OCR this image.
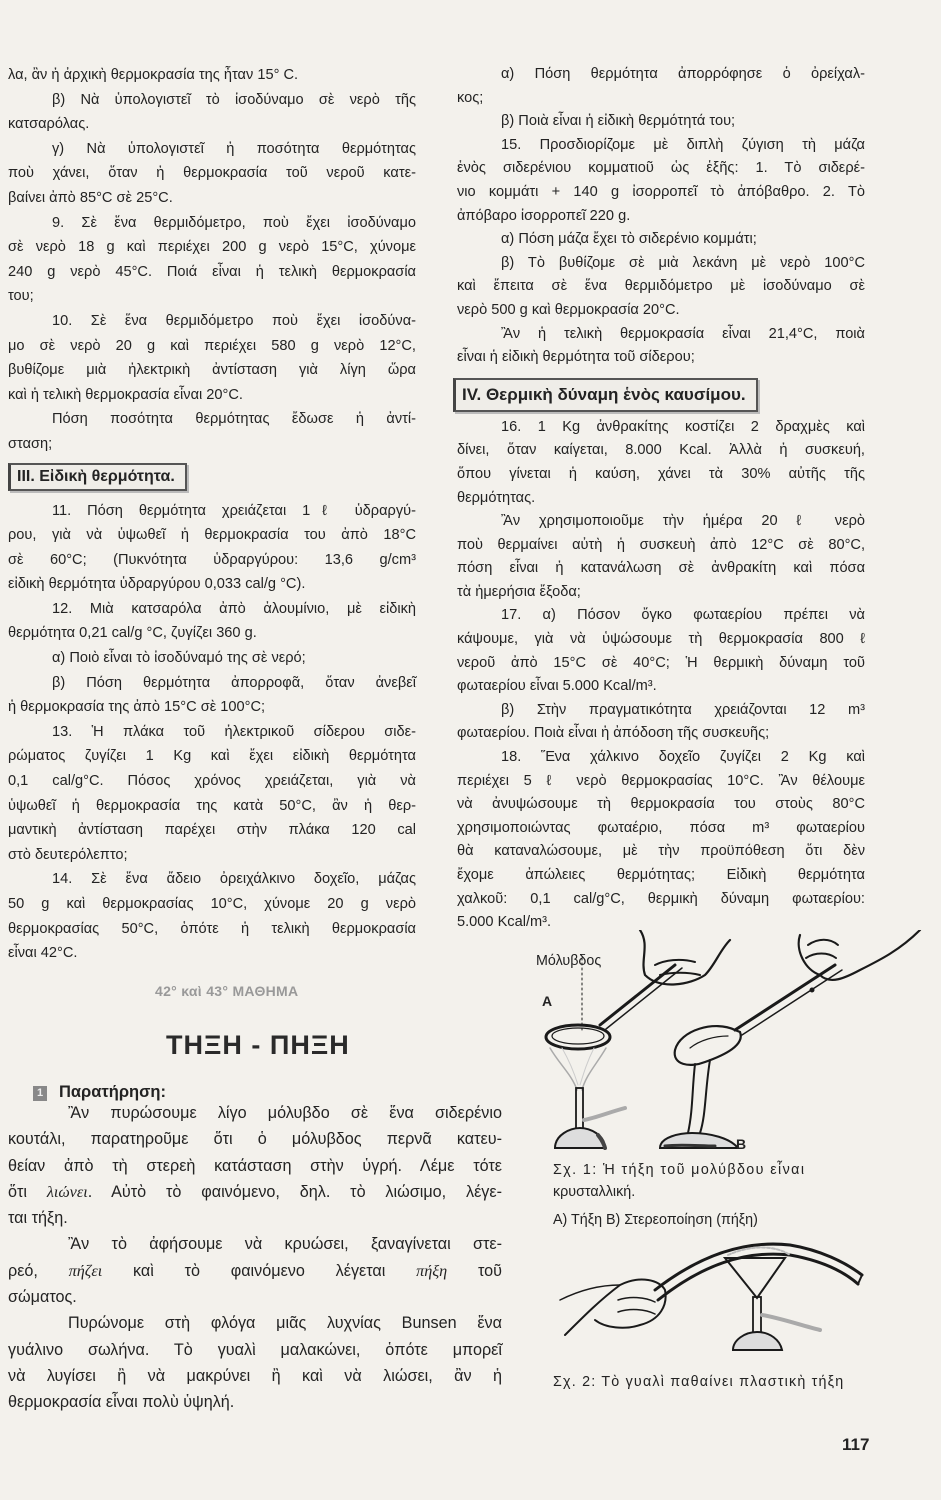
λα, ἂν ἡ ἀρχικὴ θερμοκρασία της ἦταν 15° C.
β) Νὰ ὑπολογιστεῖ τὸ ἰσοδύναμο σὲ νερὸ τῆς
κατσαρόλας.
γ) Νὰ ὑπολογιστεῖ ἡ ποσότητα θερμότητας
ποὺ χάνει, ὅταν ἡ θερμοκρασία τοῦ νεροῦ κατε-
βαίνει ἀπὸ 85°C σὲ 25°C.
9. Σὲ ἕνα θερμιδόμετρο, ποὺ ἔχει ἰσοδύναμο
σὲ νερὸ 18 g καὶ περιέχει 200 g νερὸ 15°C, χύνομε
240 g νερὸ 45°C. Ποιά εἶναι ἡ τελικὴ θερμοκρασία
του;
10. Σὲ ἕνα θερμιδόμετρο ποὺ ἔχει ἰσοδύνα-
μο σὲ νερὸ 20 g καὶ περιέχει 580 g νερὸ 12°C,
βυθίζομε μιὰ ἠλεκτρικὴ ἀντίσταση γιὰ λίγη ὥρα
καὶ ἡ τελικὴ θερμοκρασία εἶναι 20°C.
Πόση ποσότητα θερμότητας ἔδωσε ἡ ἀντί-
σταση;
III. Εἰδικὴ θερμότητα.
11. Πόση θερμότητα χρειάζεται 1ℓ ὑδραργύ-
ρου, γιὰ νὰ ὑψωθεῖ ἡ θερμοκρασία του ἀπὸ 18°C
σὲ 60°C; (Πυκνότητα ὑδραργύρου: 13,6 g/cm³
εἰδικὴ θερμότητα ὑδραργύρου 0,033 cal/g °C).
12. Μιὰ κατσαρόλα ἀπὸ ἀλουμίνιο, μὲ εἰδικὴ
θερμότητα 0,21 cal/g °C, ζυγίζει 360 g.
α) Ποιὸ εἶναι τὸ ἰσοδύναμό της σὲ νερό;
β) Πόση θερμότητα ἀπορροφᾶ, ὅταν ἀνεβεῖ
ἡ θερμοκρασία της ἀπὸ 15°C σὲ 100°C;
13. Ἡ πλάκα τοῦ ἠλεκτρικοῦ σίδερου σιδε-
ρώματος ζυγίζει 1 Kg καὶ ἔχει εἰδικὴ θερμότητα
0,1 cal/g°C. Πόσος χρόνος χρειάζεται, γιὰ νὰ
ὑψωθεῖ ἡ θερμοκρασία της κατὰ 50°C, ἂν ἡ θερ-
μαντικὴ ἀντίσταση παρέχει στὴν πλάκα 120 cal
στὸ δευτερόλεπτο;
14. Σὲ ἕνα ἄδειο ὀρειχάλκινο δοχεῖο, μάζας
50 g καὶ θερμοκρασίας 10°C, χύνομε 20 g νερὸ
θερμοκρασίας 50°C, ὁπότε ἡ τελικὴ θερμοκρασία
εἶναι 42°C.
α) Πόση θερμότητα ἀπορρόφησε ὁ ὀρείχαλ-
κος;
β) Ποιὰ εἶναι ἡ εἰδικὴ θερμότητά του;
15. Προσδιορίζομε μὲ διπλὴ ζύγιση τὴ μάζα
ἑνὸς σιδερένιου κομματιοῦ ὡς ἑξῆς: 1. Τὸ σιδερέ-
νιο κομμάτι + 140 g ἰσορροπεῖ τὸ ἀπόβαθρο. 2. Τὸ
ἀπόβαρο ἰσορροπεῖ 220 g.
α) Πόση μάζα ἔχει τὸ σιδερένιο κομμάτι;
β) Τὸ βυθίζομε σὲ μιὰ λεκάνη μὲ νερὸ 100°C
καὶ ἔπειτα σὲ ἕνα θερμιδόμετρο μὲ ἰσοδύναμο σὲ
νερὸ 500 g καὶ θερμοκρασία 20°C.
Ἂν ἡ τελικὴ θερμοκρασία εἶναι 21,4°C, ποιὰ
εἶναι ἡ εἰδικὴ θερμότητα τοῦ σίδερου;
IV. Θερμικὴ δύναμη ἑνὸς καυσίμου.
16. 1 Kg ἀνθρακίτης κοστίζει 2 δραχμὲς καὶ
δίνει, ὅταν καίγεται, 8.000 Kcal. Ἀλλὰ ἡ συσκευή,
ὅπου γίνεται ἡ καύση, χάνει τὰ 30% αὐτῆς τῆς
θερμότητας.
Ἂν χρησιμοποιοῦμε τὴν ἡμέρα 20 ℓ νερὸ
ποὺ θερμαίνει αὐτὴ ἡ συσκευὴ ἀπὸ 12°C σὲ 80°C,
πόση εἶναι ἡ κατανάλωση σὲ ἀνθρακίτη καὶ πόσα
τὰ ἡμερήσια ἔξοδα;
17. α) Πόσον ὄγκο φωταερίου πρέπει νὰ
κάψουμε, γιὰ νὰ ὑψώσουμε τὴ θερμοκρασία 800 ℓ
νεροῦ ἀπὸ 15°C σὲ 40°C; Ἡ θερμικὴ δύναμη τοῦ
φωταερίου εἶναι 5.000 Kcal/m³.
β) Στὴν πραγματικότητα χρειάζονται 12 m³
φωταερίου. Ποιὰ εἶναι ἡ ἀπόδοση τῆς συσκευῆς;
18. Ἕνα χάλκινο δοχεῖο ζυγίζει 2 Kg καὶ
περιέχει 5 ℓ νερὸ θερμοκρασίας 10°C. Ἂν θέλουμε
νὰ ἀνυψώσουμε τὴ θερμοκρασία του στοὺς 80°C
χρησιμοποιώντας φωταέριο, πόσα m³ φωταερίου
θὰ καταναλώσουμε, μὲ τὴν προϋπόθεση ὅτι δὲν
ἔχομε ἀπώλειες θερμότητας; Εἰδικὴ θερμότητα
χαλκοῦ: 0,1 cal/g°C, θερμικὴ δύναμη φωταερίου:
5.000 Kcal/m³.
42° καὶ 43° ΜΑΘΗΜΑ
ΤΗΞΗ - ΠΗΞΗ
1 Παρατήρηση:
Ἂν πυρώσουμε λίγο μόλυβδο σὲ ἕνα σιδερένιο
κουτάλι, παρατηροῦμε ὅτι ὁ μόλυβδος περνᾶ κατευ-
θείαν ἀπὸ τὴ στερεὴ κατάσταση στὴν ὑγρή. Λέμε τότε
ὅτι λιώνει. Αὐτὸ τὸ φαινόμενο, δηλ. τὸ λιώσιμο, λέγε-
ται τήξη.
Ἂν τὸ ἀφήσουμε νὰ κρυώσει, ξαναγίνεται στε-
ρεό, πήζει καὶ τὸ φαινόμενο λέγεται πήξη τοῦ
σώματος.
Πυρώνομε στὴ φλόγα μιᾶς λυχνίας Bunsen ἕνα
γυάλινο σωλήνα. Τὸ γυαλὶ μαλακώνει, ὁπότε μπορεῖ
νὰ λυγίσει ἢ νὰ μακρύνει ἢ καὶ νὰ λιώσει, ἂν ἡ
θερμοκρασία εἶναι πολὺ ὑψηλή.
Μόλυβδος
A
B
Σχ. 1: Ἡ τήξη τοῦ μολύβδου εἶναι
κρυσταλλική.
Α) Τήξη Β) Στερεοποίηση (πήξη)
Σχ. 2: Τὸ γυαλὶ παθαίνει πλαστικὴ τήξη
117
